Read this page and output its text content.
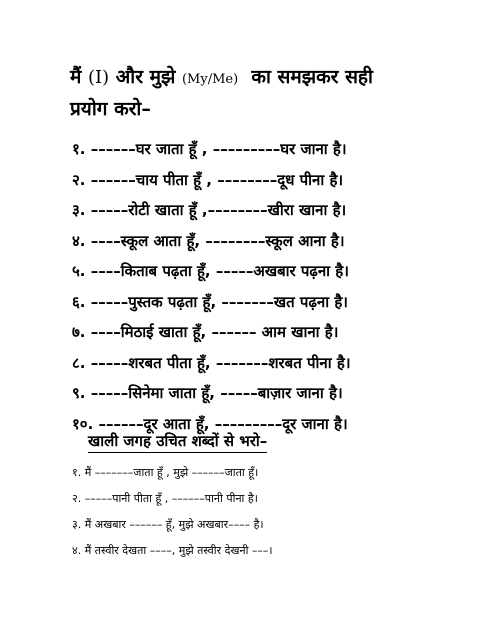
मैं (I) और मुझे (My/Me) का समझकर सही
प्रयोग करो–
१. ––––––घर जाता हूँ , –––––––––घर जाना है।
२. ––––––चाय पीता हूँ , ––––––––दूध पीना है।
३. –––––रोटी खाता हूँ ,––––––––खीरा खाना है।
४. ––––स्कूल आता हूँ, ––––––––स्कूल आना है।
५. ––––किताब पढ़ता हूँ, –––––अखबार पढ़ना है।
६. –––––पुस्तक पढ़ता हूँ, –––––––खत पढ़ना है।
७. ––––मिठाई खाता हूँ, –––––– आम खाना है।
८. –––––शरबत पीता हूँ, –––––––शरबत पीना है।
९. –––––सिनेमा जाता हूँ, –––––बाज़ार जाना है।
१०. ––––––दूर आता हूँ, –––––––––दूर जाना है।
खाली जगह उचित शब्दों से भरो–
१. मैं –––––––जाता हूँ , मुझे ––––––जाता हूँ।
२. –––––पानी पीता हूँ , ––––––पानी पीना है।
३. मैं अखबार –––––– हूँ, मुझे अखबार–––– है।
४. मैं तस्वीर देखता ––––, मुझे तस्वीर देखनी –––।
